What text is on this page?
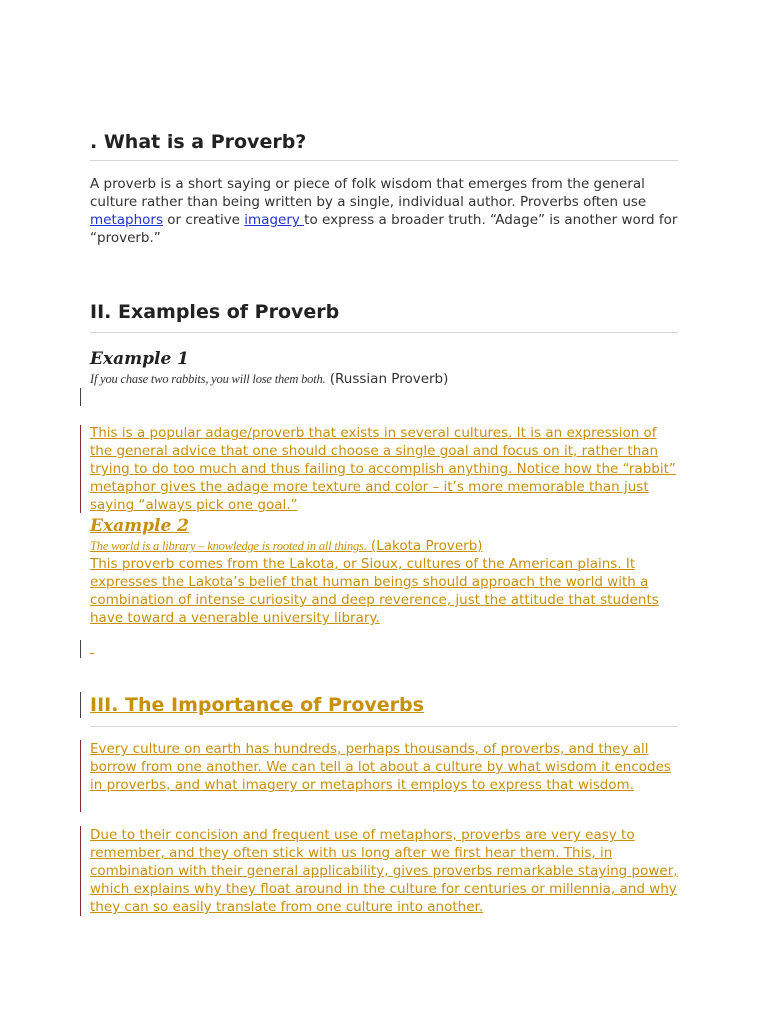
. What is a Proverb?

A proverb is a short saying or piece of folk wisdom that emerges from the general culture rather than being written by a single, individual author. Proverbs often use metaphors or creative imagery to express a broader truth. “Adage” is another word for “proverb.”

II. Examples of Proverb
Example 1

If you chase two rabbits, you will lose them both. (Russian Proverb)

This is a popular adage/proverb that exists in several cultures. It is an expression of the general advice that one should choose a single goal and focus on it, rather than trying to do too much and thus failing to accomplish anything. Notice how the “rabbit” metaphor gives the adage more texture and color – it’s more memorable than just saying “always pick one goal.”

Example 2

The world is a library – knowledge is rooted in all things. (Lakota Proverb)

This proverb comes from the Lakota, or Sioux, cultures of the American plains. It expresses the Lakota’s belief that human beings should approach the world with a combination of intense curiosity and deep reverence, just the attitude that students have toward a venerable university library.

III. The Importance of Proverbs

Every culture on earth has hundreds, perhaps thousands, of proverbs, and they all borrow from one another. We can tell a lot about a culture by what wisdom it encodes in proverbs, and what imagery or metaphors it employs to express that wisdom.

Due to their concision and frequent use of metaphors, proverbs are very easy to remember, and they often stick with us long after we first hear them. This, in combination with their general applicability, gives proverbs remarkable staying power, which explains why they float around in the culture for centuries or millennia, and why they can so easily translate from one culture into another.
